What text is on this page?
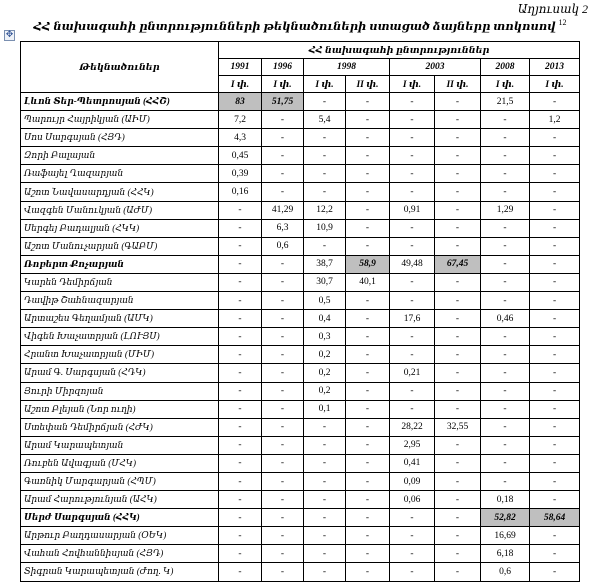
Աղյուսակ 2
ՀՀ նախագահի ընտրությունների թեկնածուների ստացած ձայները տոկոսով $^{12}$
✥
Թեկնածուներ	ՀՀ նախագահի ընտրություններ							
	1991	1996	1998		2003		2008	2013
	I փ.	I փ.	I փ.	II փ.	I փ.	II փ.	I փ.	I փ.
Լևոն Տեր-Պետրոսյան (ՀՀՇ)	83	51,75	-	-	-	-	21,5	-
Պարույր Հայրիկյան (ԱԻՄ)	7,2	-	5,4	-	-	-	-	1,2
Սոս Սարգսյան (ՀՅԴ)	4,3	-	-	-	-	-	-	-
Զորի Բալայան	0,45	-	-	-	-	-	-	-
Ռաֆայել Ղազարյան	0,39	-	-	-	-	-	-	-
Աշոտ Նավասարդյան (ՀՀԿ)	0,16	-	-	-	-	-	-	-
Վազգեն Մանուկյան (ԱԺՄ)	-	41,29	12,2	-	0,91	-	1,29	-
Սերգեյ Բադալյան (ՀԿԿ)	-	6,3	10,9	-	-	-	-	-
Աշոտ Մանուչարյան (ԳԱԲՄ)	-	0,6	-	-	-	-	-	-
Ռոբերտ Քոչարյան	-	-	38,7	58,9	49,48	67,45	-	-
Կարեն Դեմիրճյան	-	-	30,7	40,1	-	-	-	-
Դավիթ Շահնազարյան	-	-	0,5	-	-	-	-	-
Արտաշես Գեղամյան (ԱՄԿ)	-	-	0,4	-	17,6	-	0,46	-
Վիգեն Խաչատրյան (ԼՈՒՅՍ)	-	-	0,3	-	-	-	-	-
Հրանտ Խաչատրյան (ՄԻՄ)	-	-	0,2	-	-	-	-	-
Արամ Գ. Սարգսյան (ՀԴԿ)	-	-	0,2	-	0,21	-	-	-
Յուրի Միրզոյան	-	-	0,2	-	-	-	-	-
Աշոտ Բլեյան (Նոր ուղի)	-	-	0,1	-	-	-	-	-
Ստեփան Դեմիրճյան (ՀԺԿ)	-	-	-	-	28,22	32,55	-	-
Արամ Կարապետյան	-	-	-	-	2,95	-	-	-
Ռուբեն Ավագյան (ՄՀԿ)	-	-	-	-	0,41	-	-	-
Գառնիկ Մարգարյան (ՀՊՄ)	-	-	-	-	0,09	-	-	-
Արամ Հարությունյան (ԱՀԿ)	-	-	-	-	0,06	-	0,18	-
Սերժ Սարգսյան (ՀՀԿ)	-	-	-	-	-	-	52,82	58,64
Արթուր Բաղդասարյան (ՕԵԿ)	-	-	-	-	-	-	16,69	-
Վահան Հովհաննիսյան (ՀՅԴ)	-	-	-	-	-	-	6,18	-
Տիգրան Կարապետյան (Ժող. Կ)	-	-	-	-	-	-	0,6	-
